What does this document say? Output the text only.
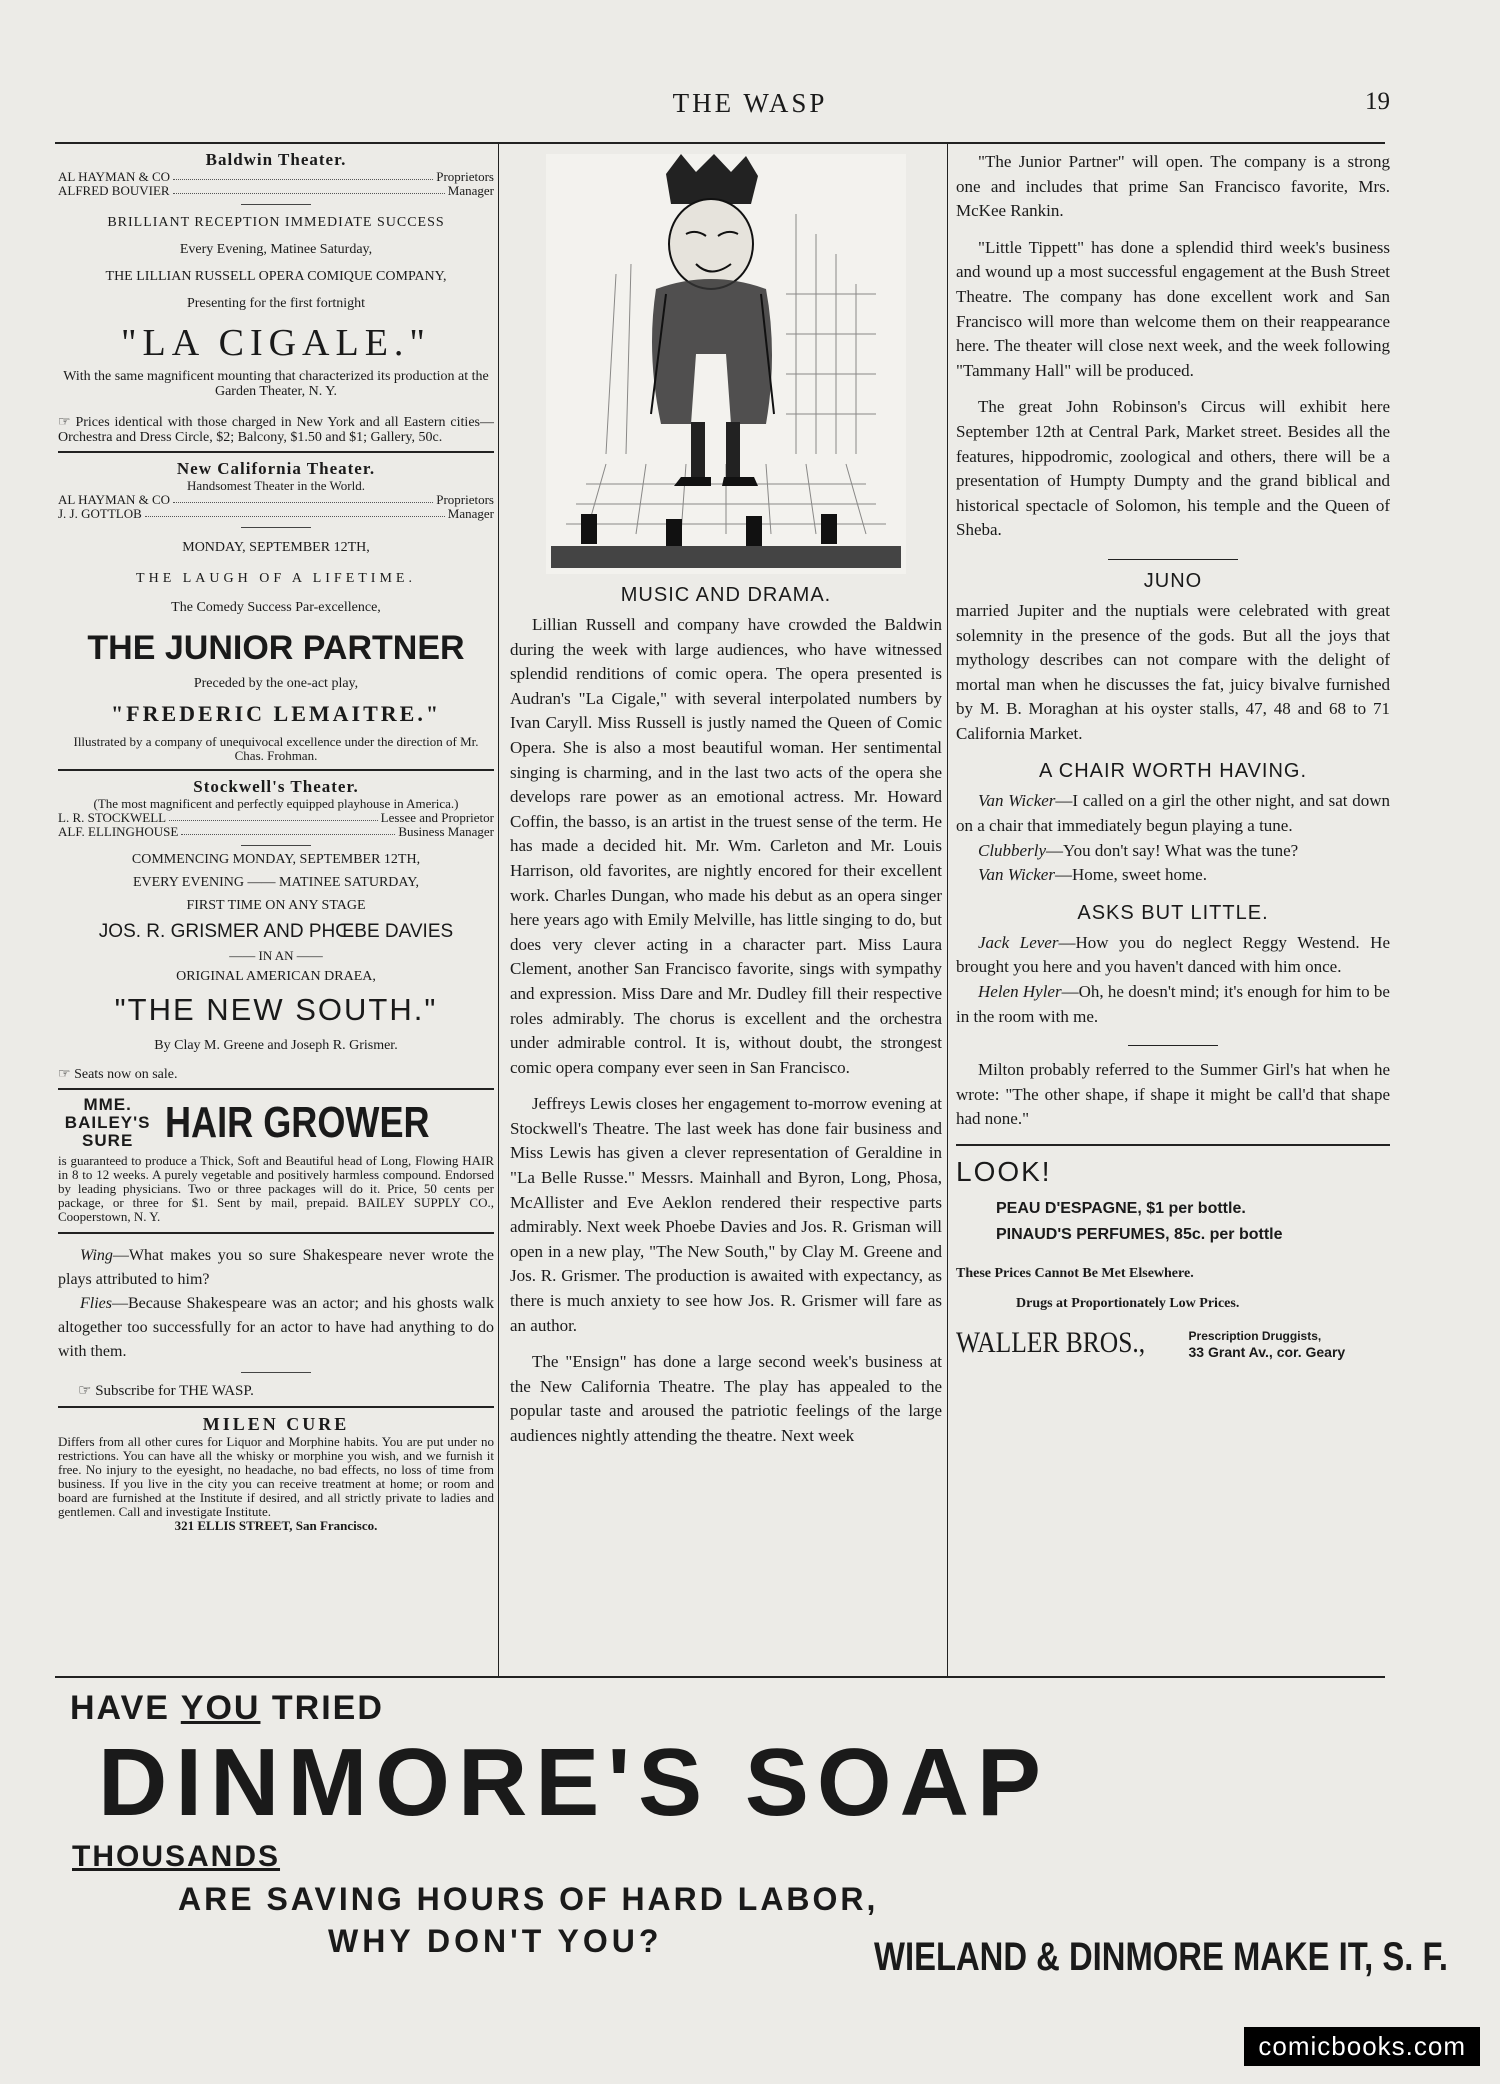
THE WASP	19
Baldwin Theater.
AL HAYMAN & CO	Proprietors
ALFRED BOUVIER	Manager
BRILLIANT RECEPTION IMMEDIATE SUCCESS
Every Evening, Matinee Saturday,
THE LILLIAN RUSSELL OPERA COMIQUE COMPANY,
Presenting for the first fortnight
"LA CIGALE."
With the same magnificent mounting that characterized its production at the Garden Theater, N. Y.
☞ Prices identical with those charged in New York and all Eastern cities—Orchestra and Dress Circle, $2; Balcony, $1.50 and $1; Gallery, 50c.
New California Theater.
Handsomest Theater in the World.
AL HAYMAN & CO	Proprietors
J. J. GOTTLOB	Manager
MONDAY, SEPTEMBER 12TH,
THE LAUGH OF A LIFETIME.
The Comedy Success Par-excellence,
THE JUNIOR PARTNER
Preceded by the one-act play,
"FREDERIC LEMAITRE."
Illustrated by a company of unequivocal excellence under the direction of Mr. Chas. Frohman.
Stockwell's Theater.
(The most magnificent and perfectly equipped playhouse in America.)
L. R. STOCKWELL	Lessee and Proprietor
ALF. ELLINGHOUSE	Business Manager
COMMENCING MONDAY, SEPTEMBER 12TH,
EVERY EVENING —— MATINEE SATURDAY,
FIRST TIME ON ANY STAGE
JOS. R. GRISMER AND PHŒBE DAVIES
—— IN AN ——
ORIGINAL AMERICAN DRAEA,
"THE NEW SOUTH."
By Clay M. Greene and Joseph R. Grismer.
☞ Seats now on sale.
MME.
BAILEY'S
SURE HAIR GROWER
is guaranteed to produce a Thick, Soft and Beautiful head of Long, Flowing HAIR in 8 to 12 weeks. A purely vegetable and positively harmless compound. Endorsed by leading physicians. Two or three packages will do it. Price, 50 cents per package, or three for $1. Sent by mail, prepaid. BAILEY SUPPLY CO., Cooperstown, N. Y.

Wing—What makes you so sure Shakespeare never wrote the plays attributed to him?

Flies—Because Shakespeare was an actor; and his ghosts walk altogether too successfully for an actor to have had anything to do with them.

☞ Subscribe for THE WASP.
MILEN CURE
Differs from all other cures for Liquor and Morphine habits. You are put under no restrictions. You can have all the whisky or morphine you wish, and we furnish it free. No injury to the eyesight, no headache, no bad effects, no loss of time from business. If you live in the city you can receive treatment at home; or room and board are furnished at the Institute if desired, and all strictly private to ladies and gentlemen. Call and investigate Institute.
321 ELLIS STREET, San Francisco.
MUSIC AND DRAMA.

Lillian Russell and company have crowded the Baldwin during the week with large audiences, who have witnessed splendid renditions of comic opera. The opera presented is Audran's "La Cigale," with several interpolated numbers by Ivan Caryll. Miss Russell is justly named the Queen of Comic Opera. She is also a most beautiful woman. Her sentimental singing is charming, and in the last two acts of the opera she develops rare power as an emotional actress. Mr. Howard Coffin, the basso, is an artist in the truest sense of the term. He has made a decided hit. Mr. Wm. Carleton and Mr. Louis Harrison, old favorites, are nightly encored for their excellent work. Charles Dungan, who made his debut as an opera singer here years ago with Emily Melville, has little singing to do, but does very clever acting in a character part. Miss Laura Clement, another San Francisco favorite, sings with sympathy and expression. Miss Dare and Mr. Dudley fill their respective roles admirably. The chorus is excellent and the orchestra under admirable control. It is, without doubt, the strongest comic opera company ever seen in San Francisco.

Jeffreys Lewis closes her engagement to-morrow evening at Stockwell's Theatre. The last week has done fair business and Miss Lewis has given a clever representation of Geraldine in "La Belle Russe." Messrs. Mainhall and Byron, Long, Phosa, McAllister and Eve Aeklon rendered their respective parts admirably. Next week Phoebe Davies and Jos. R. Grisman will open in a new play, "The New South," by Clay M. Greene and Jos. R. Grismer. The production is awaited with expectancy, as there is much anxiety to see how Jos. R. Grismer will fare as an author.

The "Ensign" has done a large second week's business at the New California Theatre. The play has appealed to the popular taste and aroused the patriotic feelings of the large audiences nightly attending the theatre. Next week

"The Junior Partner" will open. The company is a strong one and includes that prime San Francisco favorite, Mrs. McKee Rankin.

"Little Tippett" has done a splendid third week's business and wound up a most successful engagement at the Bush Street Theatre. The company has done excellent work and San Francisco will more than welcome them on their reappearance here. The theater will close next week, and the week following "Tammany Hall" will be produced.

The great John Robinson's Circus will exhibit here September 12th at Central Park, Market street. Besides all the features, hippodromic, zoological and others, there will be a presentation of Humpty Dumpty and the grand biblical and historical spectacle of Solomon, his temple and the Queen of Sheba.

JUNO

married Jupiter and the nuptials were celebrated with great solemnity in the presence of the gods. But all the joys that mythology describes can not compare with the delight of mortal man when he discusses the fat, juicy bivalve furnished by M. B. Moraghan at his oyster stalls, 47, 48 and 68 to 71 California Market.

A CHAIR WORTH HAVING.

Van Wicker—I called on a girl the other night, and sat down on a chair that immediately begun playing a tune.

Clubberly—You don't say! What was the tune?

Van Wicker—Home, sweet home.

ASKS BUT LITTLE.

Jack Lever—How you do neglect Reggy Westend. He brought you here and you haven't danced with him once.

Helen Hyler—Oh, he doesn't mind; it's enough for him to be in the room with me.

Milton probably referred to the Summer Girl's hat when he wrote: "The other shape, if shape it might be call'd that shape had none."

LOOK!
PEAU D'ESPAGNE, $1 per bottle.
PINAUD'S PERFUMES, 85c. per bottle
These Prices Cannot Be Met Elsewhere.
Drugs at Proportionately Low Prices.
WALLER BROS.,	Prescription Druggists,
33 Grant Av., cor. Geary
HAVE YOU TRIED
DINMORE'S SOAP
THOUSANDS
ARE SAVING HOURS OF HARD LABOR,
WHY DON'T YOU?	WIELAND & DINMORE MAKE IT, S. F.
comicbooks.com
